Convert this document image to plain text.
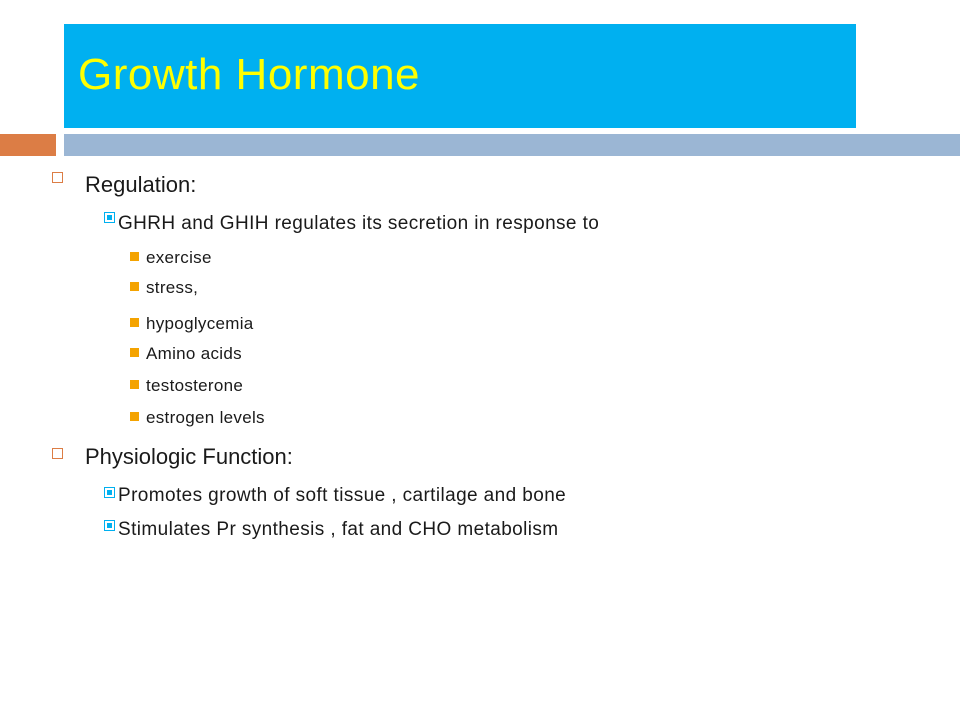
Growth Hormone
Regulation:
GHRH and GHIH regulates its secretion in response to
exercise
stress,
hypoglycemia
Amino acids
testosterone
estrogen levels
Physiologic Function:
Promotes growth of soft tissue , cartilage and bone
Stimulates Pr synthesis , fat and CHO metabolism
